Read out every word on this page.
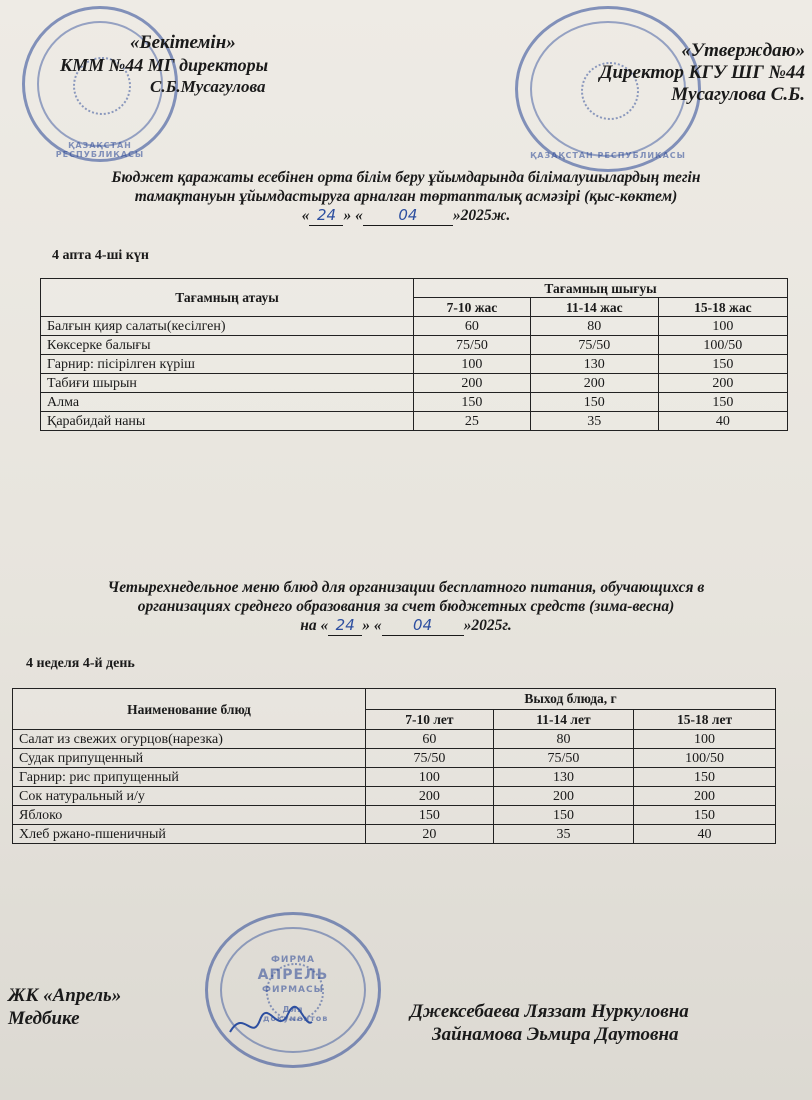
ҚАЗАҚСТАН РЕСПУБЛИКАСЫ	ҚАЗАҚСТАН РЕСПУБЛИКАСЫ
«Бекітемін»
КММ №44 МГ директоры
С.Б.Мусагулова
«Утверждаю»
Директор КГУ ШГ №44
Мусагулова С.Б.
Бюджет қаражаты есебінен орта білім беру ұйымдарында білімалушылардың тегін
тамақтануын ұйымдастыруға арналған төртапталық асмәзірі (қыс-көктем)
« 24 » « 04 »2025ж.
4 апта 4-ші күн
Тағамның атауы	Тағамның шығуы		
	7-10 жас	11-14 жас	15-18 жас
Балғын қияр салаты(кесілген)	60	80	100
Көксерке балығы	75/50	75/50	100/50
Гарнир: пісірілген күріш	100	130	150
Табиғи шырын	200	200	200
Алма	150	150	150
Қарабидай наны	25	35	40
Четырехнедельное меню блюд для организации бесплатного питания, обучающихся в
организациях среднего образования за счет бюджетных средств (зима-весна)
на « 24 » « 04 »2025г.
4 неделя 4-й день
Наименование блюд	Выход блюда, г		
	7-10 лет	11-14 лет	15-18 лет
Салат из свежих огурцов(нарезка)	60	80	100
Судак припущенный	75/50	75/50	100/50
Гарнир: рис припущенный	100	130	150
Сок натуральный и/у	200	200	200
Яблоко	150	150	150
Хлеб ржано-пшеничный	20	35	40
ФИРМА
АПРЕЛЬ
ФИРМАСЫ
Для документов
ЖК «Апрель»
Медбике	Джексебаева Ляззат Нуркуловна
Зайнамова Эьмира Даутовна
